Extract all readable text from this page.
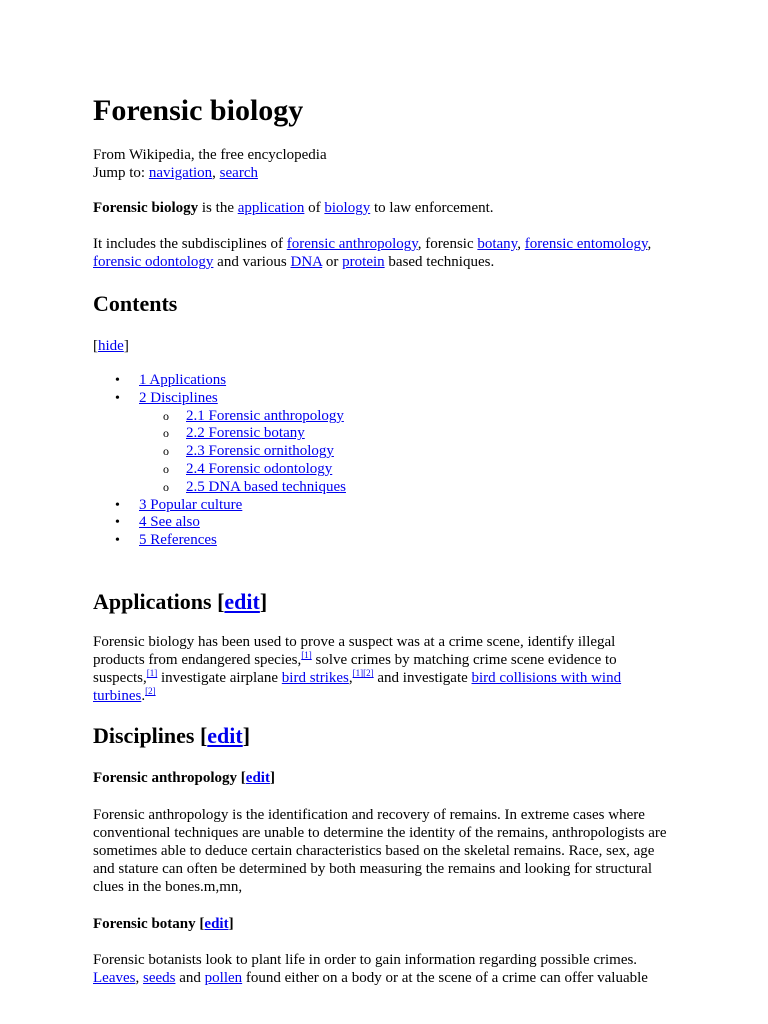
Forensic biology

From Wikipedia, the free encyclopedia

Jump to: navigation, search

Forensic biology is the application of biology to law enforcement.

It includes the subdisciplines of forensic anthropology, forensic botany, forensic entomology,
forensic odontology and various DNA or protein based techniques.

Contents

[hide]

• 1 Applications
• 2 Disciplines
o 2.1 Forensic anthropology
o 2.2 Forensic botany
o 2.3 Forensic ornithology
o 2.4 Forensic odontology
o 2.5 DNA based techniques
• 3 Popular culture
• 4 See also
• 5 References
Applications [edit]

Forensic biology has been used to prove a suspect was at a crime scene, identify illegal products from endangered species,[1] solve crimes by matching crime scene evidence to suspects,[1] investigate airplane bird strikes,[1][2] and investigate bird collisions with wind turbines.[2]

Disciplines [edit]
Forensic anthropology [edit]

Forensic anthropology is the identification and recovery of remains. In extreme cases where conventional techniques are unable to determine the identity of the remains, anthropologists are sometimes able to deduce certain characteristics based on the skeletal remains. Race, sex, age and stature can often be determined by both measuring the remains and looking for structural clues in the bones.m,mn,

Forensic botany [edit]

Forensic botanists look to plant life in order to gain information regarding possible crimes. Leaves, seeds and pollen found either on a body or at the scene of a crime can offer valuable
